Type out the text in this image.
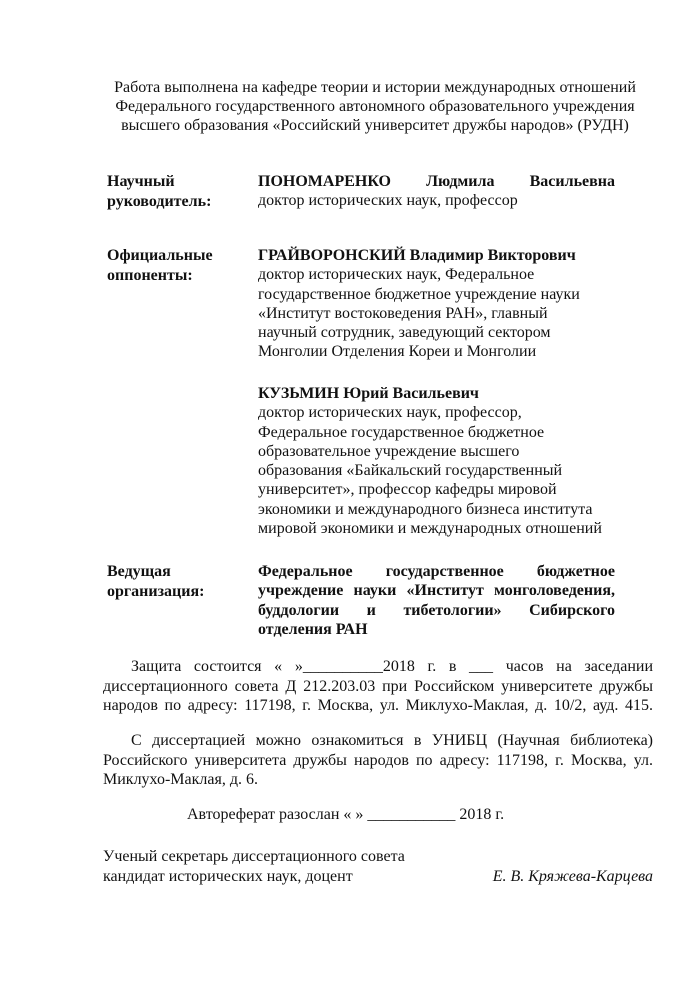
Работа выполнена на кафедре теории и истории международных отношений
Федерального государственного автономного образовательного учреждения
высшего образования «Российский университет дружбы народов» (РУДН)
Научный
руководитель:
ПОНОМАРЕНКО Людмила Васильевна
доктор исторических наук, профессор
Официальные
оппоненты:
ГРАЙВОРОНСКИЙ Владимир Викторович
доктор исторических наук, Федеральное
государственное бюджетное учреждение науки
«Институт востоковедения РАН», главный
научный сотрудник, заведующий сектором
Монголии Отделения Кореи и Монголии
КУЗЬМИН Юрий Васильевич
доктор исторических наук, профессор,
Федеральное государственное бюджетное
образовательное учреждение высшего
образования «Байкальский государственный
университет», профессор кафедры мировой
экономики и международного бизнеса института
мировой экономики и международных отношений
Ведущая
организация:
Федеральное государственное бюджетное
учреждение науки «Институт монголоведения,
буддологии и тибетологии» Сибирского
отделения РАН
Защита состоится « »__________2018 г. в ___ часов на заседании
диссертационного совета Д 212.203.03 при Российском университете дружбы
народов по адресу: 117198, г. Москва, ул. Миклухо-Маклая, д. 10/2, ауд. 415.
С диссертацией можно ознакомиться в УНИБЦ (Научная библиотека)
Российского университета дружбы народов по адресу: 117198, г. Москва, ул.
Миклухо-Маклая, д. 6.
Автореферат разослан « » ___________ 2018 г.
Ученый секретарь диссертационного совета
кандидат исторических наук, доцент	Е. В. Кряжева-Карцева
